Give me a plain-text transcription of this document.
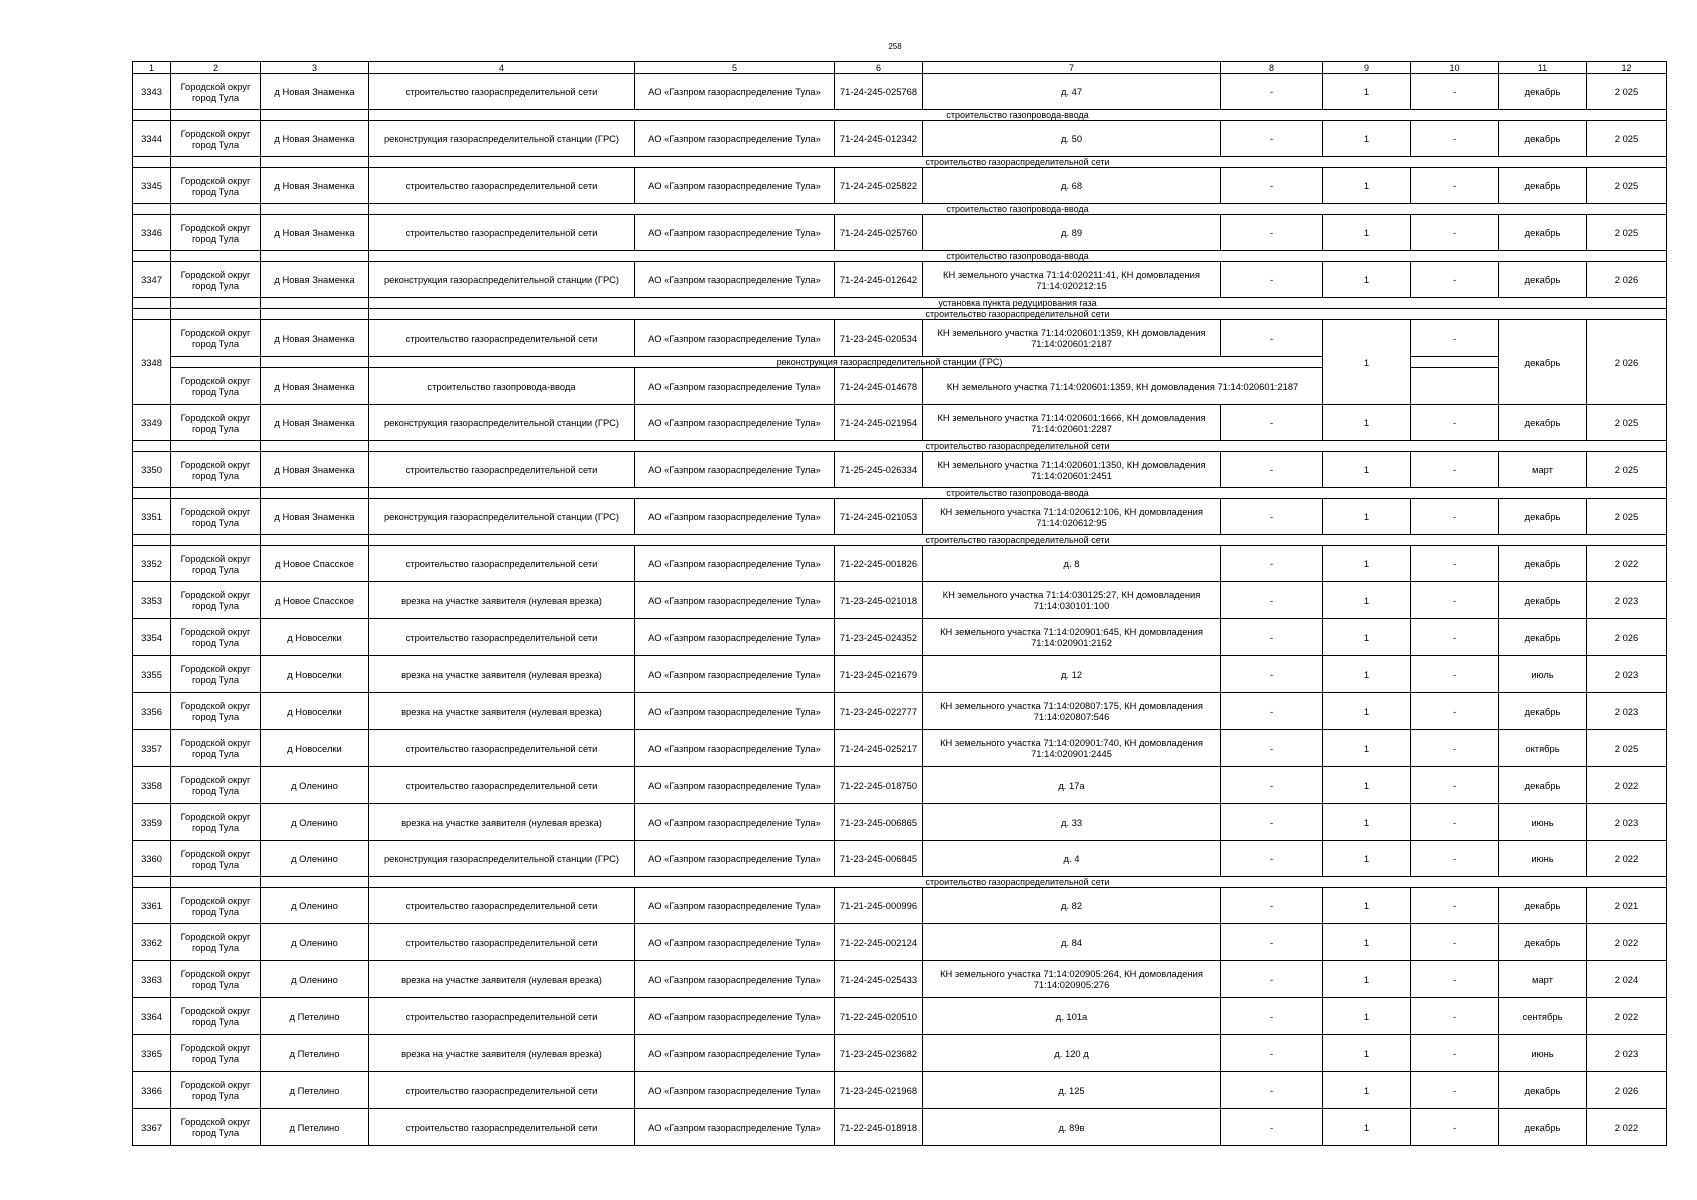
258
1	2	3	4	5	6	7	8	9	10	11	12
3343	Городской округ город Тула	д Новая Знаменка	строительство газораспределительной сети	АО «Газпром газораспределение Тула»	71-24-245-025768	д. 47	-	1	-	декабрь	2 025
			строительство газопровода-ввода								
3344	Городской округ город Тула	д Новая Знаменка	реконструкция газораспределительной станции (ГРС)	АО «Газпром газораспределение Тула»	71-24-245-012342	д. 50	-	1	-	декабрь	2 025
			строительство газораспределительной сети								
3345	Городской округ город Тула	д Новая Знаменка	строительство газораспределительной сети	АО «Газпром газораспределение Тула»	71-24-245-025822	д. 68	-	1	-	декабрь	2 025
			строительство газопровода-ввода								
3346	Городской округ город Тула	д Новая Знаменка	строительство газораспределительной сети	АО «Газпром газораспределение Тула»	71-24-245-025760	д. 89	-	1	-	декабрь	2 025
			строительство газопровода-ввода								
3347	Городской округ город Тула	д Новая Знаменка	реконструкция газораспределительной станции (ГРС)	АО «Газпром газораспределение Тула»	71-24-245-012642	КН земельного участка 71:14:020211:41, КН домовладения 71:14:020212:15	-	1	-	декабрь	2 026
			установка пункта редуцирования газа								
			строительство газораспределительной сети								
3348	Городской округ город Тула	д Новая Знаменка	строительство газораспределительной сети	АО «Газпром газораспределение Тула»	71-23-245-020534	КН земельного участка 71:14:020601:1359, КН домовладения 71:14:020601:2187	-	1	-	декабрь	2 026
			реконструкция газораспределительной станции (ГРС)								
	Городской округ город Тула	д Новая Знаменка	строительство газопровода-ввода	АО «Газпром газораспределение Тула»	71-24-245-014678	КН земельного участка 71:14:020601:1359, КН домовладения 71:14:020601:2187					
3349	Городской округ город Тула	д Новая Знаменка	реконструкция газораспределительной станции (ГРС)	АО «Газпром газораспределение Тула»	71-24-245-021954	КН земельного участка 71:14:020601:1666, КН домовладения 71:14:020601:2287	-	1	-	декабрь	2 025
			строительство газораспределительной сети								
3350	Городской округ город Тула	д Новая Знаменка	строительство газораспределительной сети	АО «Газпром газораспределение Тула»	71-25-245-026334	КН земельного участка 71:14:020601:1350, КН домовладения 71:14:020601:2451	-	1	-	март	2 025
			строительство газопровода-ввода								
3351	Городской округ город Тула	д Новая Знаменка	реконструкция газораспределительной станции (ГРС)	АО «Газпром газораспределение Тула»	71-24-245-021053	КН земельного участка 71:14:020612:106, КН домовладения 71:14:020612:95	-	1	-	декабрь	2 025
			строительство газораспределительной сети								
3352	Городской округ город Тула	д Новое Спасское	строительство газораспределительной сети	АО «Газпром газораспределение Тула»	71-22-245-001826	д. 8	-	1	-	декабрь	2 022
3353	Городской округ город Тула	д Новое Спасское	врезка на участке заявителя (нулевая врезка)	АО «Газпром газораспределение Тула»	71-23-245-021018	КН земельного участка 71:14:030125:27, КН домовладения 71:14:030101:100	-	1	-	декабрь	2 023
3354	Городской округ город Тула	д Новоселки	строительство газораспределительной сети	АО «Газпром газораспределение Тула»	71-23-245-024352	КН земельного участка 71:14:020901:645, КН домовладения 71:14:020901:2152	-	1	-	декабрь	2 026
3355	Городской округ город Тула	д Новоселки	врезка на участке заявителя (нулевая врезка)	АО «Газпром газораспределение Тула»	71-23-245-021679	д. 12	-	1	-	июль	2 023
3356	Городской округ город Тула	д Новоселки	врезка на участке заявителя (нулевая врезка)	АО «Газпром газораспределение Тула»	71-23-245-022777	КН земельного участка 71:14:020807:175, КН домовладения 71:14:020807:546	-	1	-	декабрь	2 023
3357	Городской округ город Тула	д Новоселки	строительство газораспределительной сети	АО «Газпром газораспределение Тула»	71-24-245-025217	КН земельного участка 71:14:020901:740, КН домовладения 71:14:020901:2445	-	1	-	октябрь	2 025
3358	Городской округ город Тула	д Оленино	строительство газораспределительной сети	АО «Газпром газораспределение Тула»	71-22-245-018750	д. 17а	-	1	-	декабрь	2 022
3359	Городской округ город Тула	д Оленино	врезка на участке заявителя (нулевая врезка)	АО «Газпром газораспределение Тула»	71-23-245-006865	д. 33	-	1	-	июнь	2 023
3360	Городской округ город Тула	д Оленино	реконструкция газораспределительной станции (ГРС)	АО «Газпром газораспределение Тула»	71-23-245-006845	д. 4	-	1	-	июнь	2 022
			строительство газораспределительной сети								
3361	Городской округ город Тула	д Оленино	строительство газораспределительной сети	АО «Газпром газораспределение Тула»	71-21-245-000996	д. 82	-	1	-	декабрь	2 021
3362	Городской округ город Тула	д Оленино	строительство газораспределительной сети	АО «Газпром газораспределение Тула»	71-22-245-002124	д. 84	-	1	-	декабрь	2 022
3363	Городской округ город Тула	д Оленино	врезка на участке заявителя (нулевая врезка)	АО «Газпром газораспределение Тула»	71-24-245-025433	КН земельного участка 71:14:020905:264, КН домовладения 71:14:020905:276	-	1	-	март	2 024
3364	Городской округ город Тула	д Петелино	строительство газораспределительной сети	АО «Газпром газораспределение Тула»	71-22-245-020510	д. 101а	-	1	-	сентябрь	2 022
3365	Городской округ город Тула	д Петелино	врезка на участке заявителя (нулевая врезка)	АО «Газпром газораспределение Тула»	71-23-245-023682	д. 120 д	-	1	-	июнь	2 023
3366	Городской округ город Тула	д Петелино	строительство газораспределительной сети	АО «Газпром газораспределение Тула»	71-23-245-021968	д. 125	-	1	-	декабрь	2 026
3367	Городской округ город Тула	д Петелино	строительство газораспределительной сети	АО «Газпром газораспределение Тула»	71-22-245-018918	д. 89в	-	1	-	декабрь	2 022
